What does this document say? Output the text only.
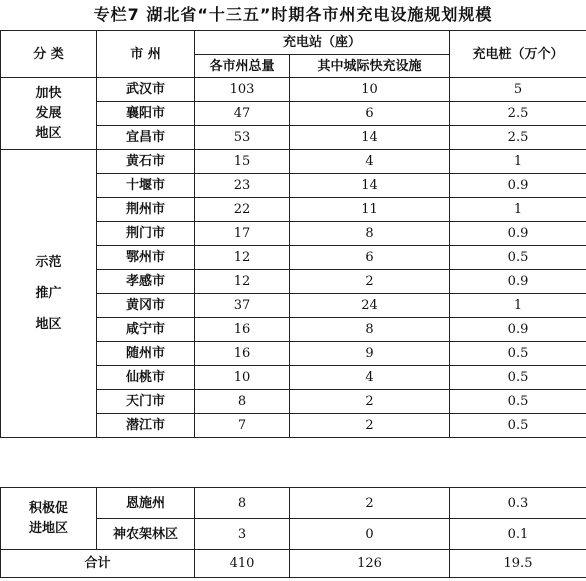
专栏7 湖北省“十三五”时期各市州充电设施规划规模
分 类	市 州	充电站（座）		充电桩（万个）
		各市州总量	其中城际快充设施	

加快
发展
地区	武汉市	103	10	5
	襄阳市	47	6	2.5
	宜昌市	53	14	2.5

示范
推广
地区	黄石市	15	4	1
	十堰市	23	14	0.9
	荆州市	22	11	1
	荆门市	17	8	0.9
	鄂州市	12	6	0.5
	孝感市	12	2	0.9
	黄冈市	37	24	1
	咸宁市	16	8	0.9
	随州市	16	9	0.5
	仙桃市	10	4	0.5
	天门市	8	2	0.5
	潜江市	7	2	0.5
积极促
进地区	恩施州	8	2	0.3
	神农架林区	3	0	0.1
合计		410	126	19.5
